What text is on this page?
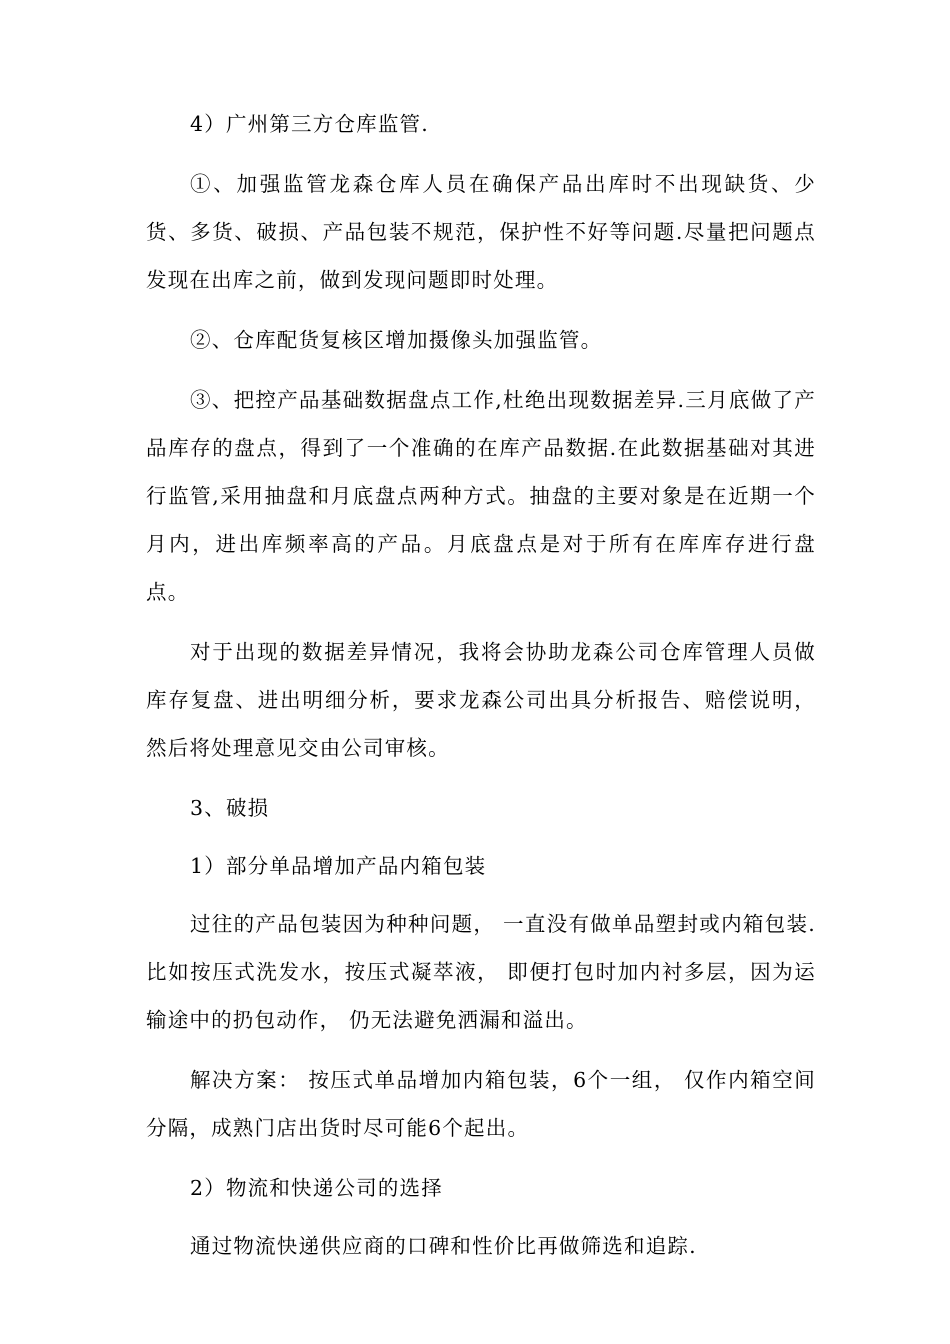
4）广州第三方仓库监管.

①、加强监管龙森仓库人员在确保产品出库时不出现缺货、少货、多货、破损、产品包装不规范，保护性不好等问题.尽量把问题点发现在出库之前，做到发现问题即时处理。

②、仓库配货复核区增加摄像头加强监管。

③、把控产品基础数据盘点工作,杜绝出现数据差异.三月底做了产品库存的盘点，得到了一个准确的在库产品数据.在此数据基础对其进行监管,采用抽盘和月底盘点两种方式。抽盘的主要对象是在近期一个月内，进出库频率高的产品。月底盘点是对于所有在库库存进行盘点。

对于出现的数据差异情况，我将会协助龙森公司仓库管理人员做库存复盘、进出明细分析，要求龙森公司出具分析报告、赔偿说明，然后将处理意见交由公司审核。

3、破损

1）部分单品增加产品内箱包装

过往的产品包装因为种种问题， 一直没有做单品塑封或内箱包装. 比如按压式洗发水，按压式凝萃液， 即便打包时加内衬多层，因为运输途中的扔包动作， 仍无法避免洒漏和溢出。

解决方案： 按压式单品增加内箱包装，6个一组， 仅作内箱空间分隔，成熟门店出货时尽可能6个起出。

2）物流和快递公司的选择

通过物流快递供应商的口碑和性价比再做筛选和追踪.
